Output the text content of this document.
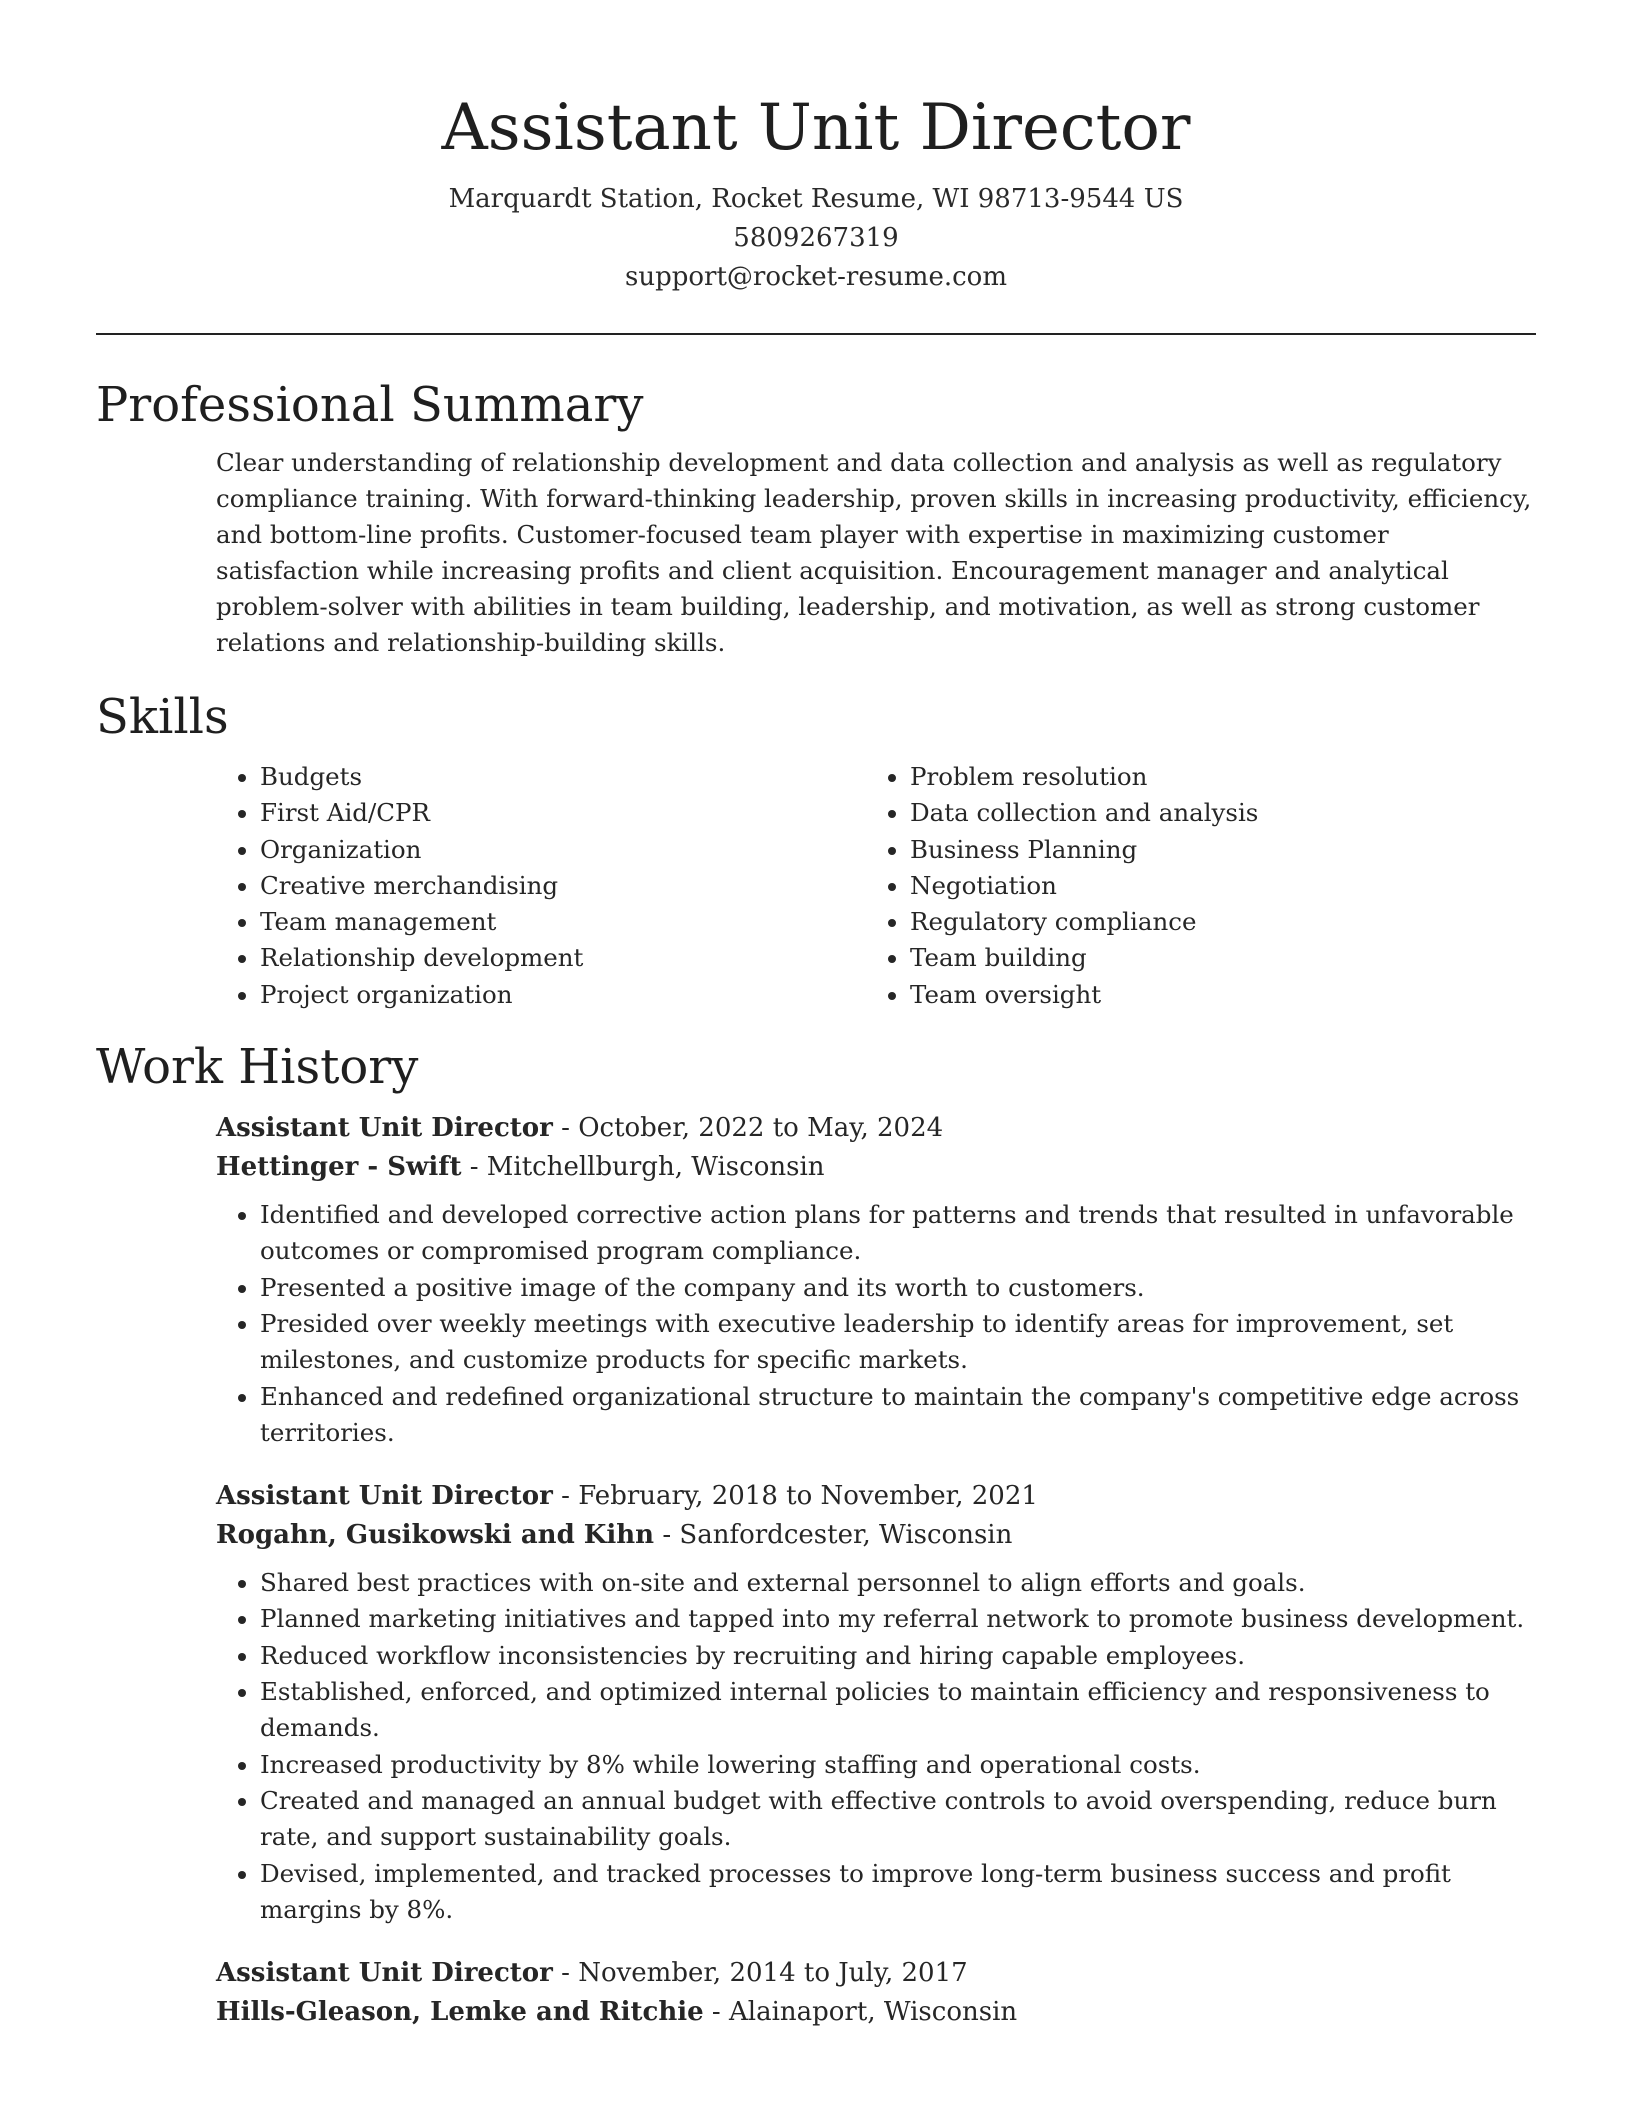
Assistant Unit Director
Marquardt Station, Rocket Resume, WI 98713-9544 US
5809267319
support@rocket-resume.com
Professional Summary

Clear understanding of relationship development and data collection and analysis as well as regulatory compliance training. With forward-thinking leadership, proven skills in increasing productivity, efficiency, and bottom-line profits. Customer-focused team player with expertise in maximizing customer satisfaction while increasing profits and client acquisition. Encouragement manager and analytical problem-solver with abilities in team building, leadership, and motivation, as well as strong customer relations and relationship-building skills.

Skills
• Budgets
• First Aid/CPR
• Organization
• Creative merchandising
• Team management
• Relationship development
• Project organization
• Problem resolution
• Data collection and analysis
• Business Planning
• Negotiation
• Regulatory compliance
• Team building
• Team oversight
Work History
Assistant Unit Director - October, 2022 to May, 2024
Hettinger - Swift - Mitchellburgh, Wisconsin
• Identified and developed corrective action plans for patterns and trends that resulted in unfavorable outcomes or compromised program compliance.
• Presented a positive image of the company and its worth to customers.
• Presided over weekly meetings with executive leadership to identify areas for improvement, set milestones, and customize products for specific markets.
• Enhanced and redefined organizational structure to maintain the company's competitive edge across territories.
Assistant Unit Director - February, 2018 to November, 2021
Rogahn, Gusikowski and Kihn - Sanfordcester, Wisconsin
• Shared best practices with on-site and external personnel to align efforts and goals.
• Planned marketing initiatives and tapped into my referral network to promote business development.
• Reduced workflow inconsistencies by recruiting and hiring capable employees.
• Established, enforced, and optimized internal policies to maintain efficiency and responsiveness to demands.
• Increased productivity by 8% while lowering staffing and operational costs.
• Created and managed an annual budget with effective controls to avoid overspending, reduce burn rate, and support sustainability goals.
• Devised, implemented, and tracked processes to improve long-term business success and profit margins by 8%.
Assistant Unit Director - November, 2014 to July, 2017
Hills-Gleason, Lemke and Ritchie - Alainaport, Wisconsin
